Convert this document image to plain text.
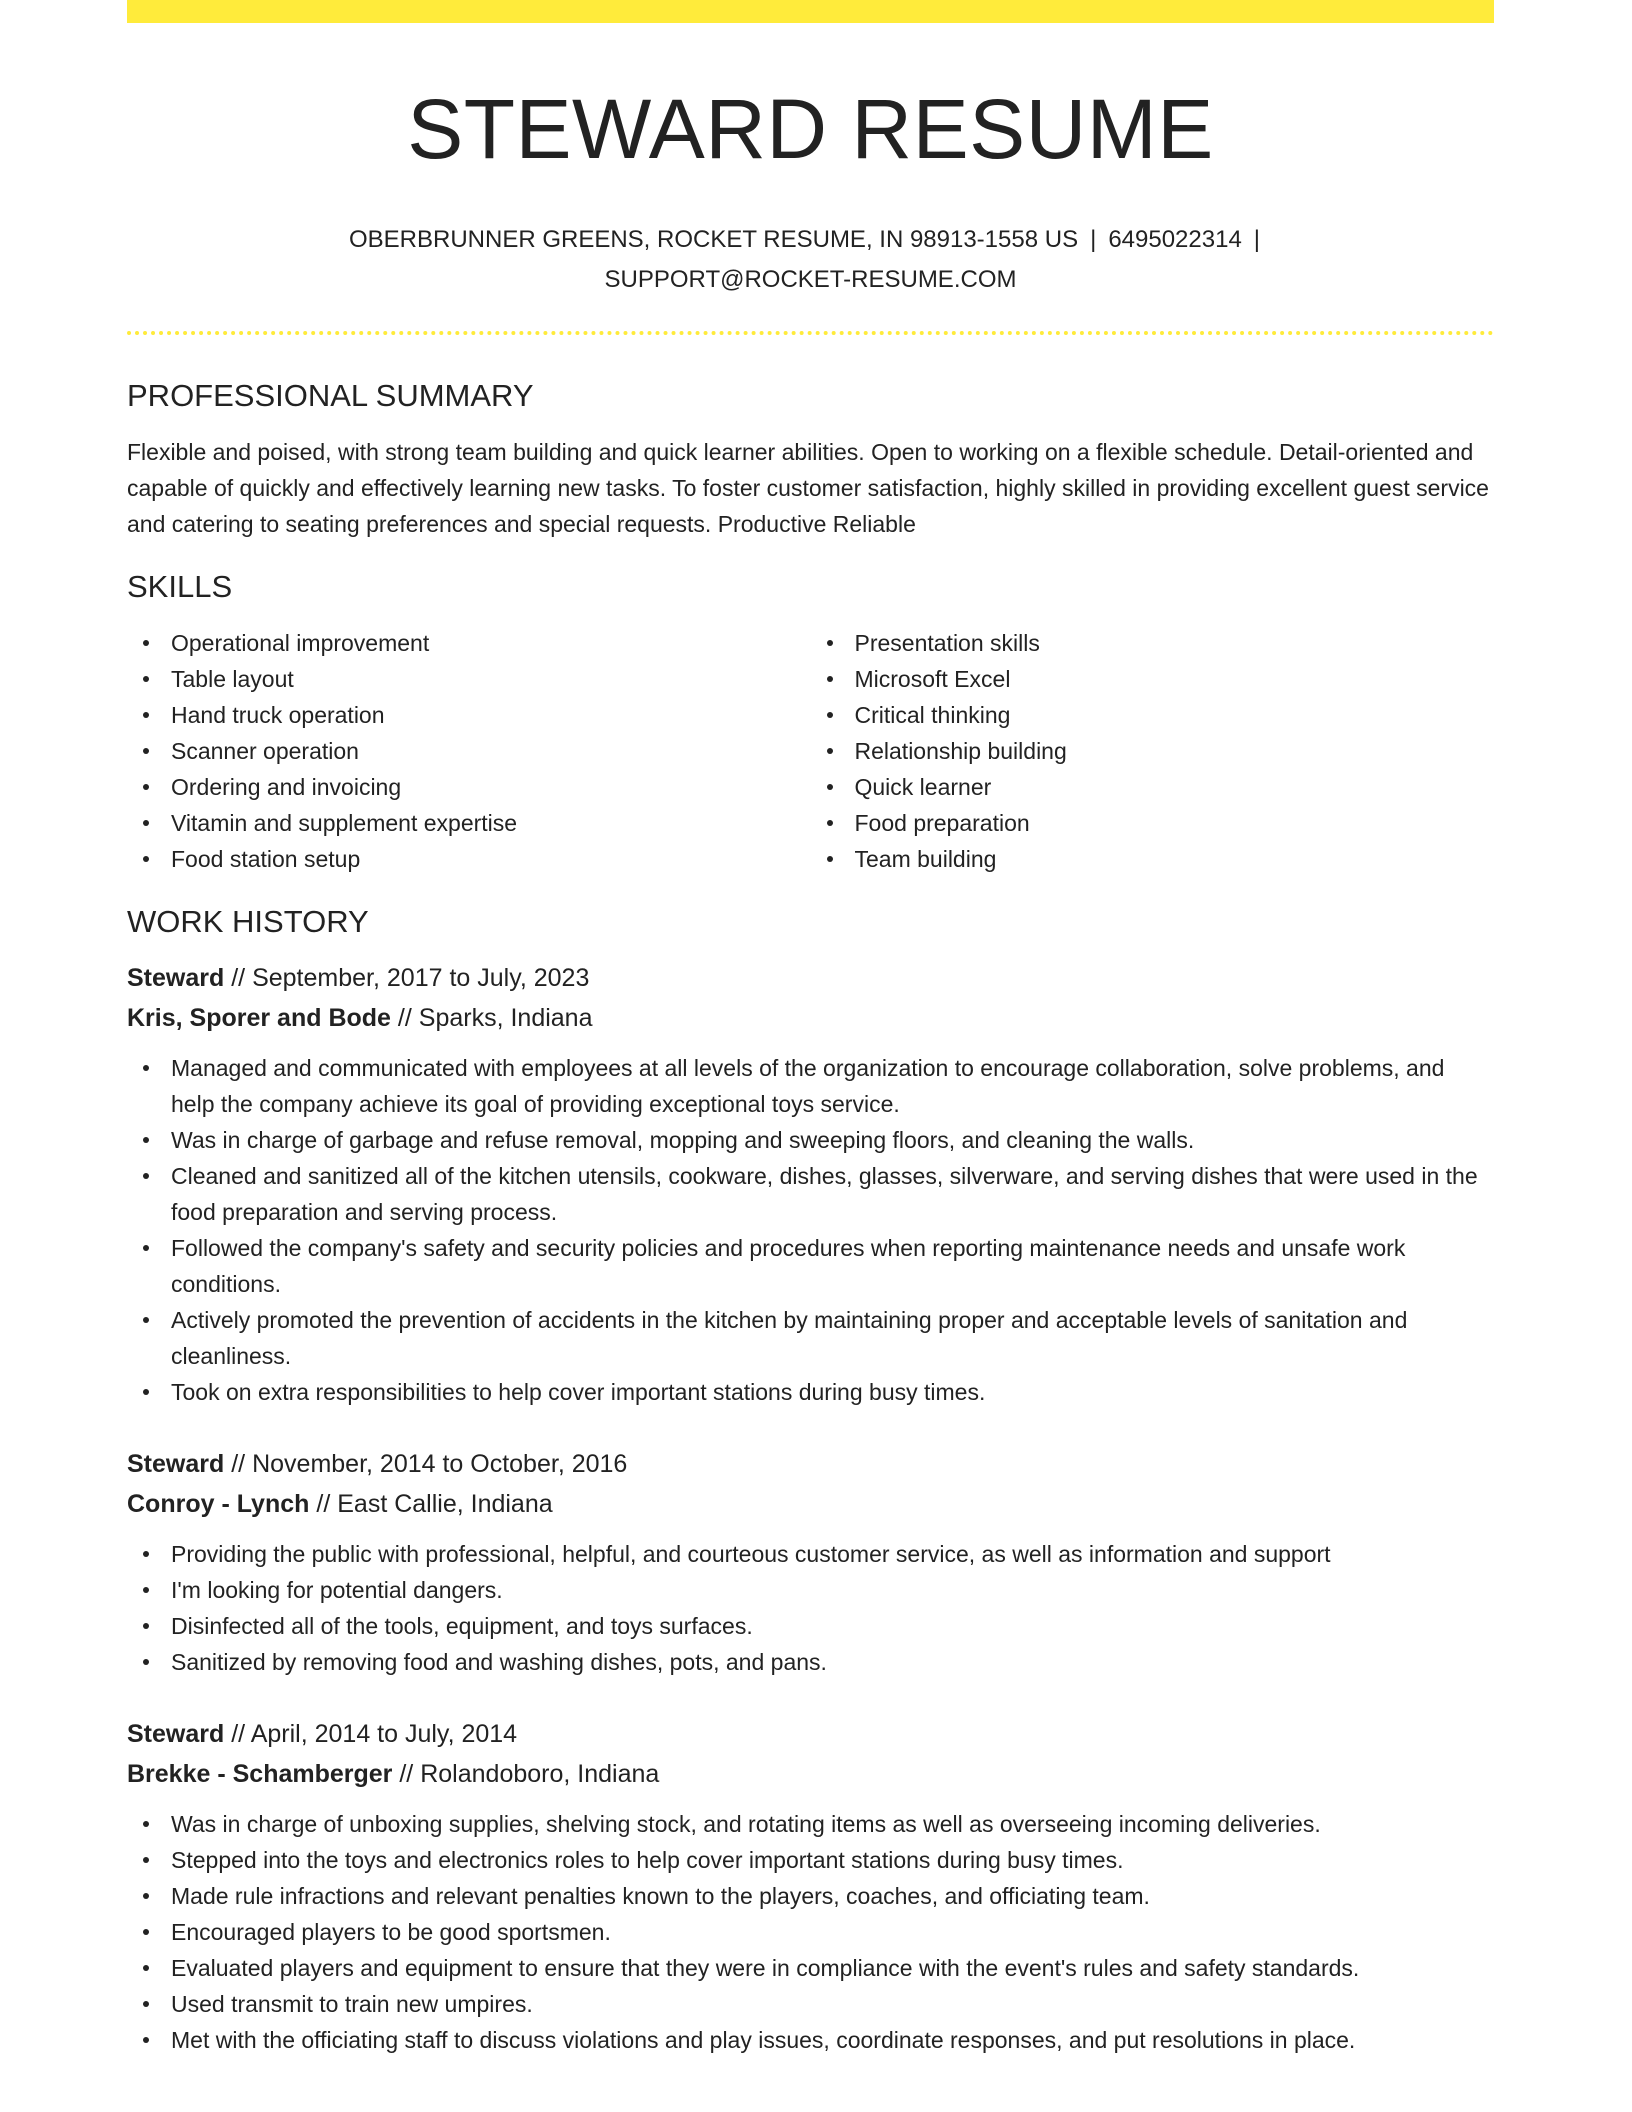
STEWARD RESUME
OBERBRUNNER GREENS, ROCKET RESUME, IN 98913-1558 US | 6495022314 |
SUPPORT@ROCKET-RESUME.COM
PROFESSIONAL SUMMARY

Flexible and poised, with strong team building and quick learner abilities. Open to working on a flexible schedule. Detail-oriented and capable of quickly and effectively learning new tasks. To foster customer satisfaction, highly skilled in providing excellent guest service and catering to seating preferences and special requests. Productive Reliable

SKILLS
Operational improvement
Table layout
Hand truck operation
Scanner operation
Ordering and invoicing
Vitamin and supplement expertise
Food station setup
Presentation skills
Microsoft Excel
Critical thinking
Relationship building
Quick learner
Food preparation
Team building
WORK HISTORY
Steward // September, 2017 to July, 2023
Kris, Sporer and Bode // Sparks, Indiana
Managed and communicated with employees at all levels of the organization to encourage collaboration, solve problems, and help the company achieve its goal of providing exceptional toys service.
Was in charge of garbage and refuse removal, mopping and sweeping floors, and cleaning the walls.
Cleaned and sanitized all of the kitchen utensils, cookware, dishes, glasses, silverware, and serving dishes that were used in the food preparation and serving process.
Followed the company's safety and security policies and procedures when reporting maintenance needs and unsafe work conditions.
Actively promoted the prevention of accidents in the kitchen by maintaining proper and acceptable levels of sanitation and cleanliness.
Took on extra responsibilities to help cover important stations during busy times.
Steward // November, 2014 to October, 2016
Conroy - Lynch // East Callie, Indiana
Providing the public with professional, helpful, and courteous customer service, as well as information and support
I'm looking for potential dangers.
Disinfected all of the tools, equipment, and toys surfaces.
Sanitized by removing food and washing dishes, pots, and pans.
Steward // April, 2014 to July, 2014
Brekke - Schamberger // Rolandoboro, Indiana
Was in charge of unboxing supplies, shelving stock, and rotating items as well as overseeing incoming deliveries.
Stepped into the toys and electronics roles to help cover important stations during busy times.
Made rule infractions and relevant penalties known to the players, coaches, and officiating team.
Encouraged players to be good sportsmen.
Evaluated players and equipment to ensure that they were in compliance with the event's rules and safety standards.
Used transmit to train new umpires.
Met with the officiating staff to discuss violations and play issues, coordinate responses, and put resolutions in place.
